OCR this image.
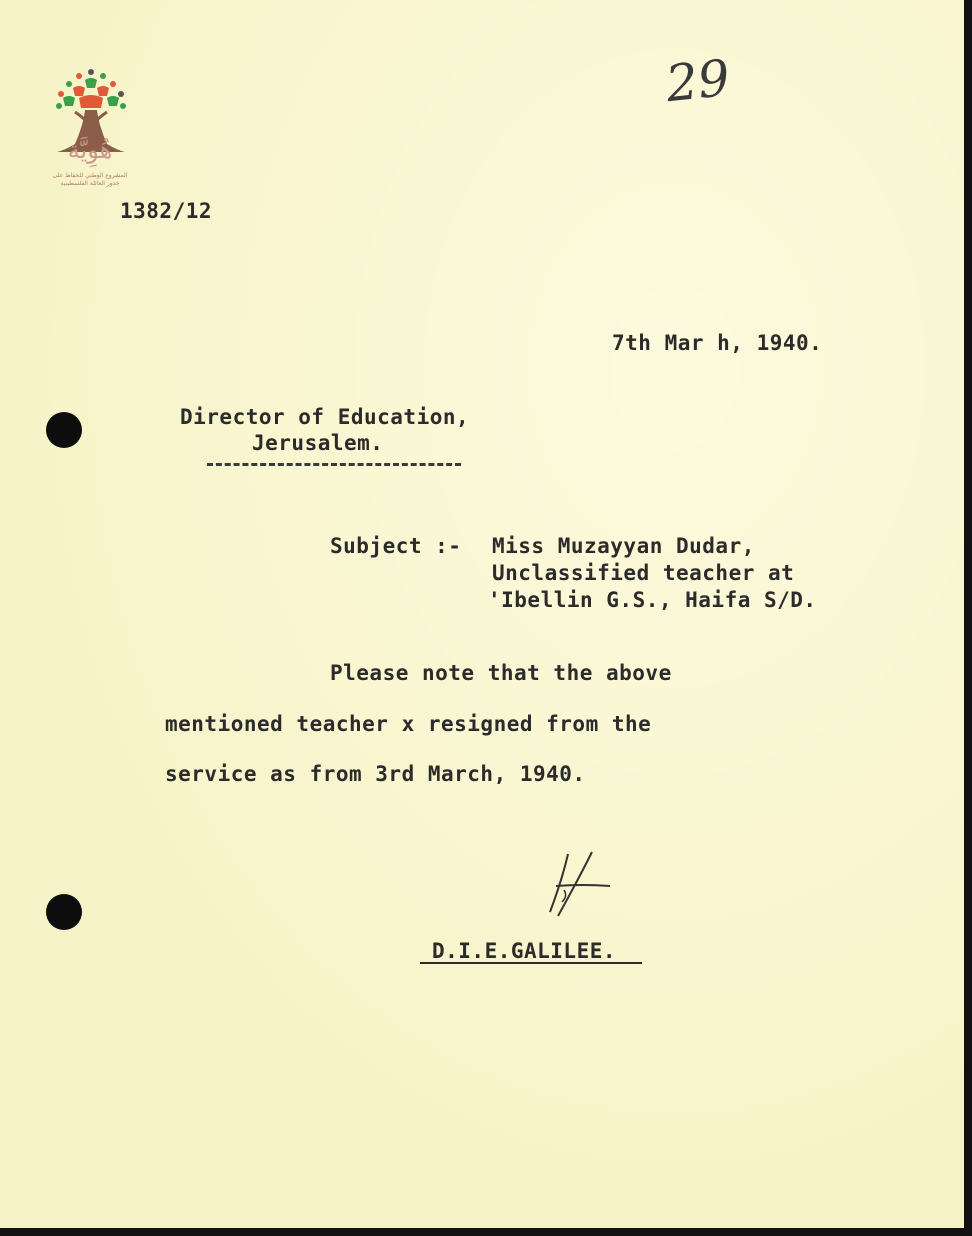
هُوِيَّة
المشروع الوطني للحفاظ على
جذور العائلة الفلسطينية
29
1382/12
7th Mar h, 1940.
Director of Education,
Jerusalem.
Subject :- Miss Muzayyan Dudar,
Unclassified teacher at
'Ibellin G.S., Haifa S/D.
Please note that the above
mentioned teacher x resigned from the
service as from 3rd March, 1940.
D.I.E.GALILEE.
